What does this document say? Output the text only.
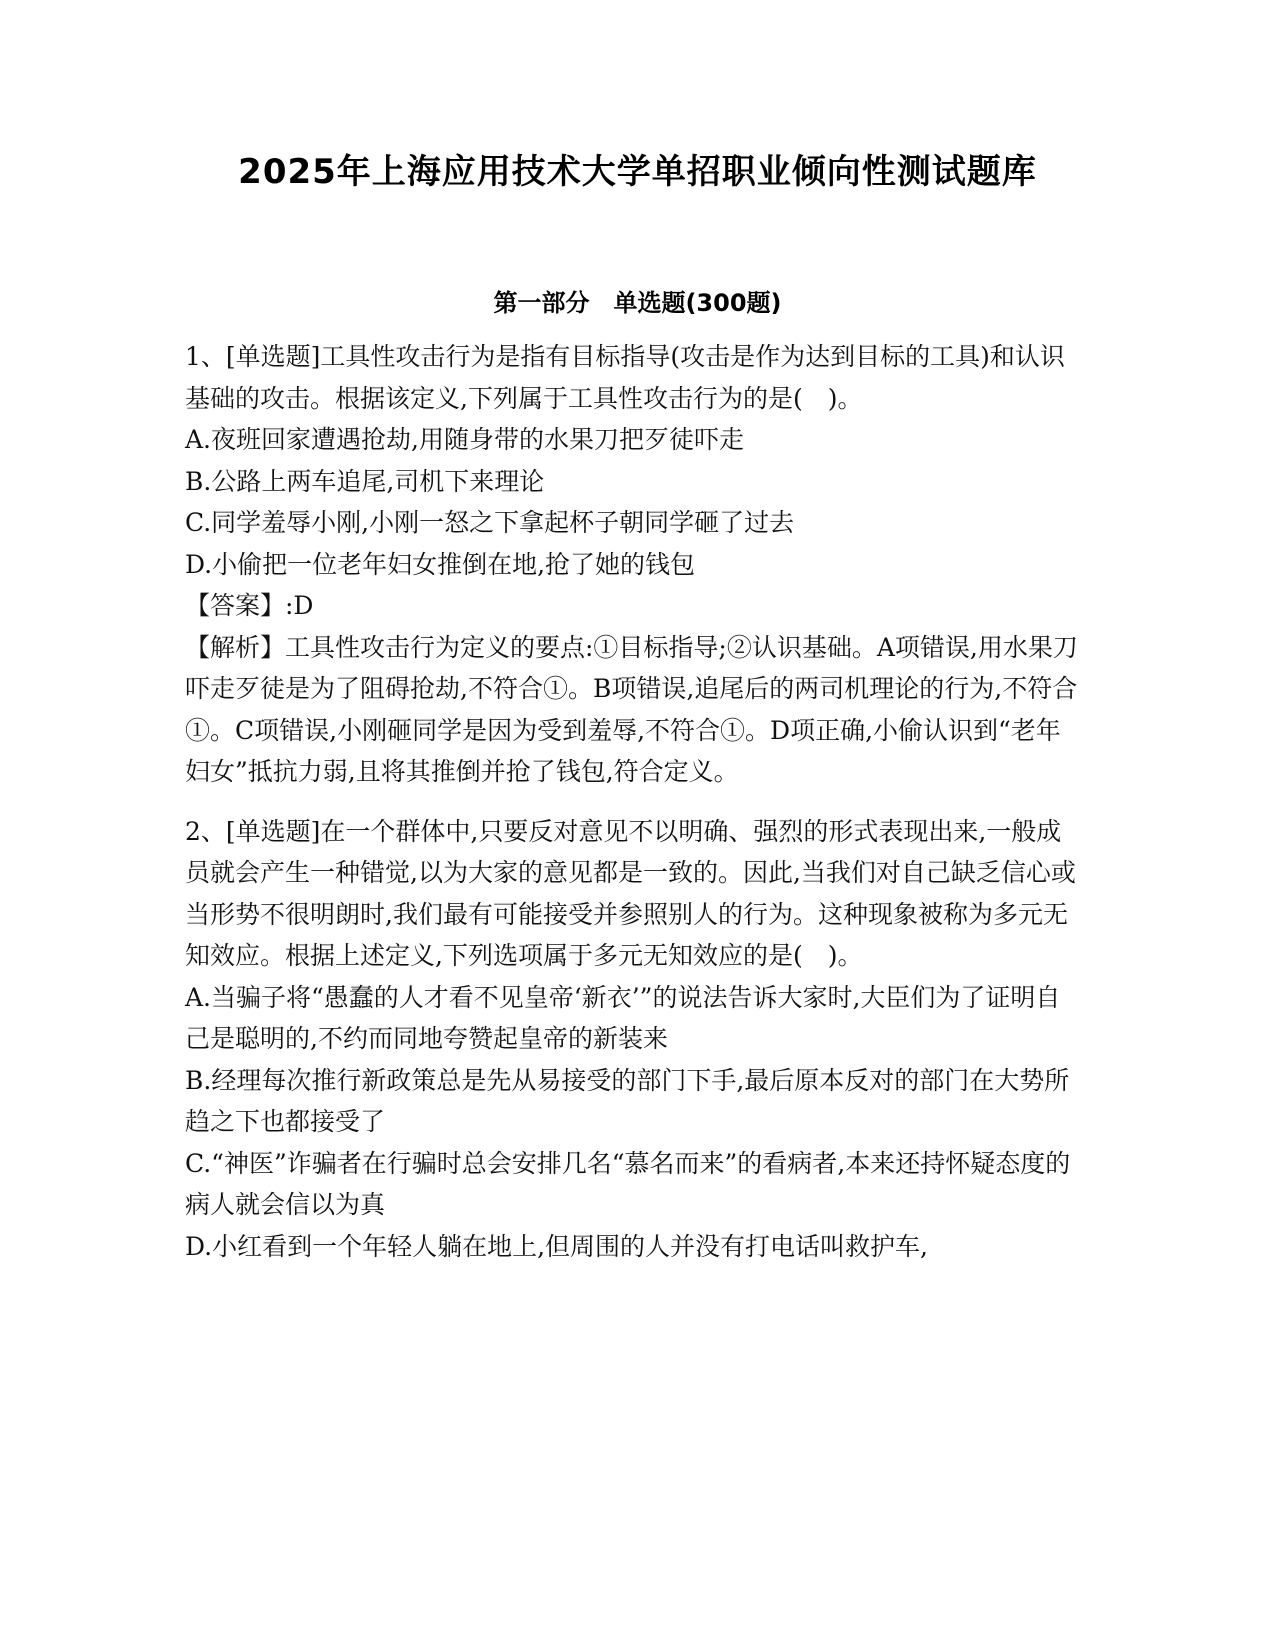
2025年上海应用技术大学单招职业倾向性测试题库
第一部分　单选题(300题)

1、[单选题]工具性攻击行为是指有目标指导(攻击是作为达到目标的工具)和认识基础的攻击。根据该定义,下列属于工具性攻击行为的是(　)。

A.夜班回家遭遇抢劫,用随身带的水果刀把歹徒吓走

B.公路上两车追尾,司机下来理论

C.同学羞辱小刚,小刚一怒之下拿起杯子朝同学砸了过去

D.小偷把一位老年妇女推倒在地,抢了她的钱包

【答案】:D

【解析】工具性攻击行为定义的要点:①目标指导;②认识基础。A项错误,用水果刀吓走歹徒是为了阻碍抢劫,不符合①。B项错误,追尾后的两司机理论的行为,不符合①。C项错误,小刚砸同学是因为受到羞辱,不符合①。D项正确,小偷认识到“老年妇女”抵抗力弱,且将其推倒并抢了钱包,符合定义。

2、[单选题]在一个群体中,只要反对意见不以明确、强烈的形式表现出来,一般成员就会产生一种错觉,以为大家的意见都是一致的。因此,当我们对自己缺乏信心或当形势不很明朗时,我们最有可能接受并参照别人的行为。这种现象被称为多元无知效应。根据上述定义,下列选项属于多元无知效应的是(　)。

A.当骗子将“愚蠢的人才看不见皇帝‘新衣’”的说法告诉大家时,大臣们为了证明自己是聪明的,不约而同地夸赞起皇帝的新装来

B.经理每次推行新政策总是先从易接受的部门下手,最后原本反对的部门在大势所趋之下也都接受了

C.“神医”诈骗者在行骗时总会安排几名“慕名而来”的看病者,本来还持怀疑态度的病人就会信以为真

D.小红看到一个年轻人躺在地上,但周围的人并没有打电话叫救护车,
